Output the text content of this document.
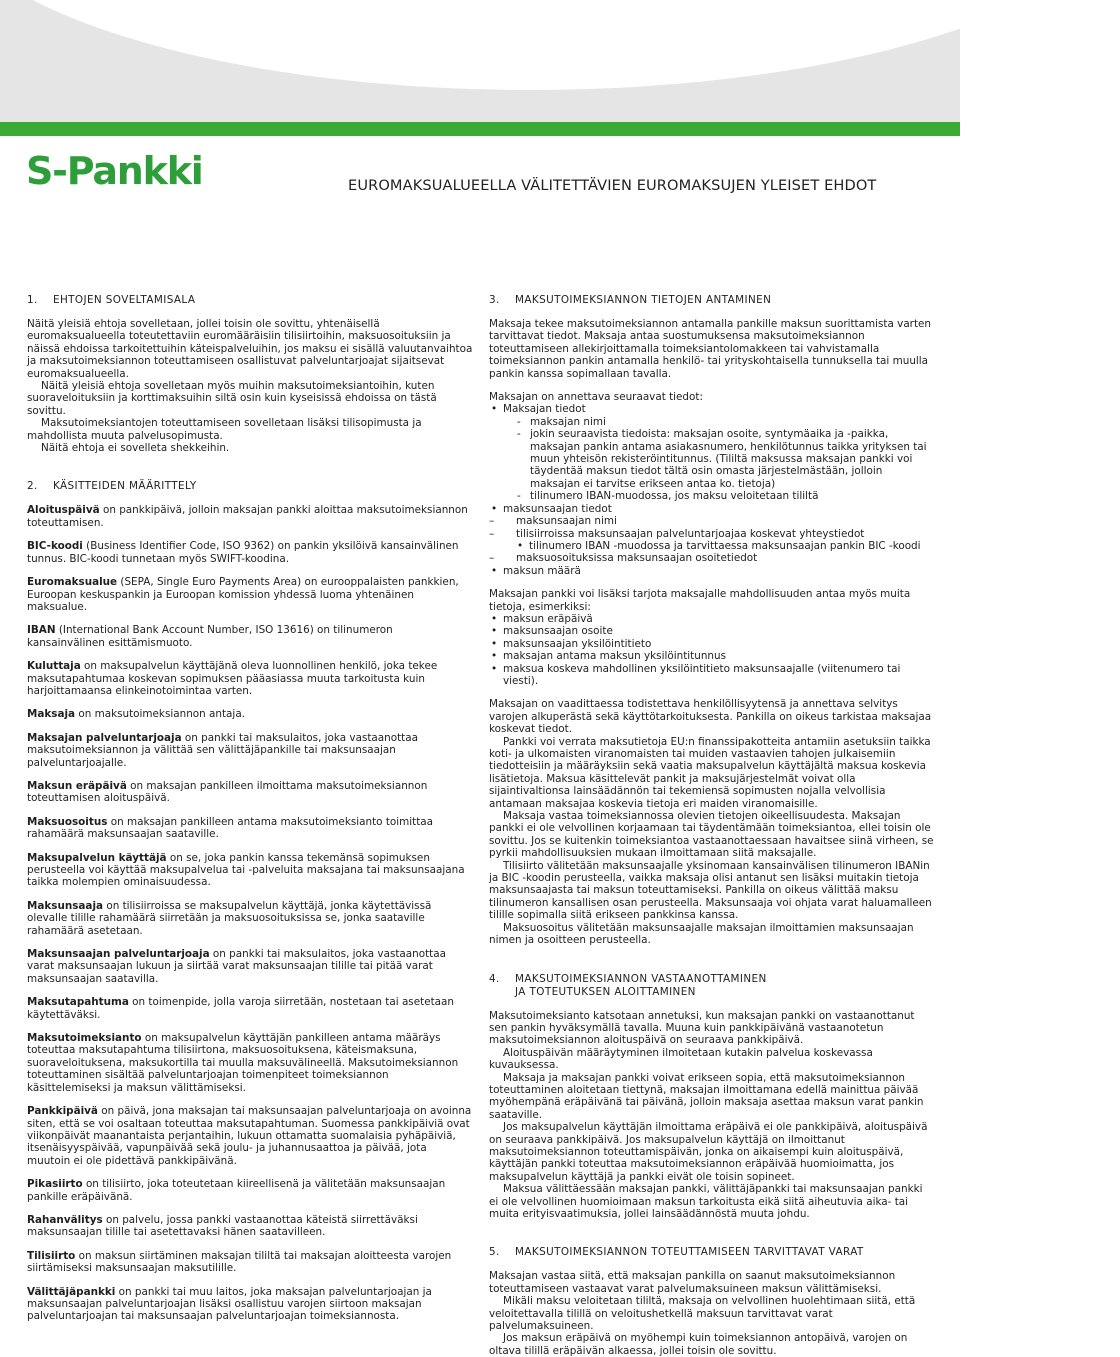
S-Pankki	EUROMAKSUALUEELLA VÄLITETTÄVIEN EUROMAKSUJEN YLEISET EHDOT
1. EHTOJEN SOVELTAMISALA

Näitä yleisiä ehtoja sovelletaan, jollei toisin ole sovittu, yhtenäisellä euromaksualueella toteutettaviin euromääräisiin tilisiirtoihin, maksuosoituksiin ja näissä ehdoissa tarkoitettuihin käteispalveluihin, jos maksu ei sisällä valuutanvaihtoa ja maksutoimeksiannon toteuttamiseen osallistuvat palveluntarjoajat sijaitsevat euromaksualueella.

Näitä yleisiä ehtoja sovelletaan myös muihin maksutoimeksiantoihin, kuten suoraveloituksiin ja korttimaksuihin siltä osin kuin kyseisissä ehdoissa on tästä sovittu.

Maksutoimeksiantojen toteuttamiseen sovelletaan lisäksi tilisopimusta ja mahdollista muuta palvelusopimusta.

Näitä ehtoja ei sovelleta shekkeihin.

2. KÄSITTEIDEN MÄÄRITTELY

Aloituspäivä on pankkipäivä, jolloin maksajan pankki aloittaa maksutoimeksiannon toteuttamisen.

BIC-koodi (Business Identifier Code, ISO 9362) on pankin yksilöivä kansainvälinen tunnus. BIC-koodi tunnetaan myös SWIFT-koodina.

Euromaksualue (SEPA, Single Euro Payments Area) on eurooppalaisten pankkien, Euroopan keskuspankin ja Euroopan komission yhdessä luoma yhtenäinen maksualue.

IBAN (International Bank Account Number, ISO 13616) on tilinumeron kansainvälinen esittämismuoto.

Kuluttaja on maksupalvelun käyttäjänä oleva luonnollinen henkilö, joka tekee maksutapahtumaa koskevan sopimuksen pääasiassa muuta tarkoitusta kuin harjoittamaansa elinkeinotoimintaa varten.

Maksaja on maksutoimeksiannon antaja.

Maksajan palveluntarjoaja on pankki tai maksulaitos, joka vastaanottaa maksutoimeksiannon ja välittää sen välittäjäpankille tai maksunsaajan palveluntarjoajalle.

Maksun eräpäivä on maksajan pankilleen ilmoittama maksutoimeksiannon toteuttamisen aloituspäivä.

Maksuosoitus on maksajan pankilleen antama maksutoimeksianto toimittaa rahamäärä maksunsaajan saataville.

Maksupalvelun käyttäjä on se, joka pankin kanssa tekemänsä sopimuksen perusteella voi käyttää maksupalvelua tai -palveluita maksajana tai maksunsaajana taikka molempien ominaisuudessa.

Maksunsaaja on tilisiirroissa se maksupalvelun käyttäjä, jonka käytettävissä olevalle tilille rahamäärä siirretään ja maksuosoituksissa se, jonka saataville rahamäärä asetetaan.

Maksunsaajan palveluntarjoaja on pankki tai maksulaitos, joka vastaanottaa varat maksunsaajan lukuun ja siirtää varat maksunsaajan tilille tai pitää varat maksunsaajan saatavilla.

Maksutapahtuma on toimenpide, jolla varoja siirretään, nostetaan tai asetetaan käytettäväksi.

Maksutoimeksianto on maksupalvelun käyttäjän pankilleen antama määräys toteuttaa maksutapahtuma tilisiirtona, maksuosoituksena, käteismaksuna, suoraveloituksena, maksukortilla tai muulla maksuvälineellä. Maksutoimeksiannon toteuttaminen sisältää palveluntarjoajan toimenpiteet toimeksiannon käsittelemiseksi ja maksun välittämiseksi.

Pankkipäivä on päivä, jona maksajan tai maksunsaajan palveluntarjoaja on avoinna siten, että se voi osaltaan toteuttaa maksutapahtuman. Suomessa pankkipäiviä ovat viikonpäivät maanantaista perjantaihin, lukuun ottamatta suomalaisia pyhäpäiviä, itsenäisyyspäivää, vapunpäivää sekä joulu- ja juhannusaattoa ja päivää, jota muutoin ei ole pidettävä pankkipäivänä.

Pikasiirto on tilisiirto, joka toteutetaan kiireellisenä ja välitetään maksunsaajan pankille eräpäivänä.

Rahanvälitys on palvelu, jossa pankki vastaanottaa käteistä siirrettäväksi maksunsaajan tilille tai asetettavaksi hänen saatavilleen.

Tilisiirto on maksun siirtäminen maksajan tililtä tai maksajan aloitteesta varojen siirtämiseksi maksunsaajan maksutilille.

Välittäjäpankki on pankki tai muu laitos, joka maksajan palveluntarjoajan ja maksunsaajan palveluntarjoajan lisäksi osallistuu varojen siirtoon maksajan palveluntarjoajan tai maksunsaajan palveluntarjoajan toimeksiannosta.

3. MAKSUTOIMEKSIANNON TIETOJEN ANTAMINEN

Maksaja tekee maksutoimeksiannon antamalla pankille maksun suorittamista varten tarvittavat tiedot. Maksaja antaa suostumuksensa maksutoimeksiannon toteuttamiseen allekirjoittamalla toimeksiantolomakkeen tai vahvistamalla toimeksiannon pankin antamalla henkilö- tai yrityskohtaisella tunnuksella tai muulla pankin kanssa sopimallaan tavalla.

Maksajan on annettava seuraavat tiedot:

• Maksajan tiedot
- maksajan nimi
- jokin seuraavista tiedoista: maksajan osoite, syntymäaika ja -paikka, maksajan pankin antama asiakasnumero, henkilötunnus taikka yrityksen tai muun yhteisön rekisteröintitunnus. (Tililtä maksussa maksajan pankki voi täydentää maksun tiedot tältä osin omasta järjestelmästään, jolloin maksajan ei tarvitse erikseen antaa ko. tietoja)
- tilinumero IBAN-muodossa, jos maksu veloitetaan tililtä
• maksunsaajan tiedot
– maksunsaajan nimi
– tilisiirroissa maksunsaajan palveluntarjoajaa koskevat yhteystiedot
• tilinumero IBAN -muodossa ja tarvittaessa maksunsaajan pankin BIC -koodi
– maksuosoituksissa maksunsaajan osoitetiedot
• maksun määrä

Maksajan pankki voi lisäksi tarjota maksajalle mahdollisuuden antaa myös muita tietoja, esimerkiksi:

• maksun eräpäivä
• maksunsaajan osoite
• maksunsaajan yksilöintitieto
• maksajan antama maksun yksilöintitunnus
• maksua koskeva mahdollinen yksilöintitieto maksunsaajalle (viitenumero tai viesti).

Maksajan on vaadittaessa todistettava henkilöllisyytensä ja annettava selvitys varojen alkuperästä sekä käyttötarkoituksesta. Pankilla on oikeus tarkistaa maksajaa koskevat tiedot.

Pankki voi verrata maksutietoja EU:n finanssipakotteita antamiin asetuksiin taikka koti- ja ulkomaisten viranomaisten tai muiden vastaavien tahojen julkaisemiin tiedotteisiin ja määräyksiin sekä vaatia maksupalvelun käyttäjältä maksua koskevia lisätietoja. Maksua käsittelevät pankit ja maksujärjestelmät voivat olla sijaintivaltionsa lainsäädännön tai tekemiensä sopimusten nojalla velvollisia antamaan maksajaa koskevia tietoja eri maiden viranomaisille.

Maksaja vastaa toimeksiannossa olevien tietojen oikeellisuudesta. Maksajan pankki ei ole velvollinen korjaamaan tai täydentämään toimeksiantoa, ellei toisin ole sovittu. Jos se kuitenkin toimeksiantoa vastaanottaessaan havaitsee siinä virheen, se pyrkii mahdollisuuksien mukaan ilmoittamaan siitä maksajalle.

Tilisiirto välitetään maksunsaajalle yksinomaan kansainvälisen tilinumeron IBANin ja BIC -koodin perusteella, vaikka maksaja olisi antanut sen lisäksi muitakin tietoja maksunsaajasta tai maksun toteuttamiseksi. Pankilla on oikeus välittää maksu tilinumeron kansallisen osan perusteella. Maksunsaaja voi ohjata varat haluamalleen tilille sopimalla siitä erikseen pankkinsa kanssa.

Maksuosoitus välitetään maksunsaajalle maksajan ilmoittamien maksunsaajan nimen ja osoitteen perusteella.

4. MAKSUTOIMEKSIANNON VASTAANOTTAMINEN
JA TOTEUTUKSEN ALOITTAMINEN

Maksutoimeksianto katsotaan annetuksi, kun maksajan pankki on vastaanottanut sen pankin hyväksymällä tavalla. Muuna kuin pankkipäivänä vastaanotetun maksutoimeksiannon aloituspäivä on seuraava pankkipäivä.

Aloituspäivän määräytyminen ilmoitetaan kutakin palvelua koskevassa kuvauksessa.

Maksaja ja maksajan pankki voivat erikseen sopia, että maksutoimeksiannon toteuttaminen aloitetaan tiettynä, maksajan ilmoittamana edellä mainittua päivää myöhempänä eräpäivänä tai päivänä, jolloin maksaja asettaa maksun varat pankin saataville.

Jos maksupalvelun käyttäjän ilmoittama eräpäivä ei ole pankkipäivä, aloituspäivä on seuraava pankkipäivä. Jos maksupalvelun käyttäjä on ilmoittanut maksutoimeksiannon toteuttamispäivän, jonka on aikaisempi kuin aloituspäivä, käyttäjän pankki toteuttaa maksutoimeksiannon eräpäivää huomioimatta, jos maksupalvelun käyttäjä ja pankki eivät ole toisin sopineet.

Maksua välittäessään maksajan pankki, välittäjäpankki tai maksunsaajan pankki ei ole velvollinen huomioimaan maksun tarkoitusta eikä siitä aiheutuvia aika- tai muita erityisvaatimuksia, jollei lainsäädännöstä muuta johdu.

5. MAKSUTOIMEKSIANNON TOTEUTTAMISEEN TARVITTAVAT VARAT

Maksajan vastaa siitä, että maksajan pankilla on saanut maksutoimeksiannon toteuttamiseen vastaavat varat palvelumaksuineen maksun välittämiseksi.

Mikäli maksu veloitetaan tililtä, maksaja on velvollinen huolehtimaan siitä, että veloitettavalla tilillä on veloitushetkellä maksuun tarvittavat varat palvelumaksuineen.

Jos maksun eräpäivä on myöhempi kuin toimeksiannon antopäivä, varojen on oltava tilillä eräpäivän alkaessa, jollei toisin ole sovittu.
